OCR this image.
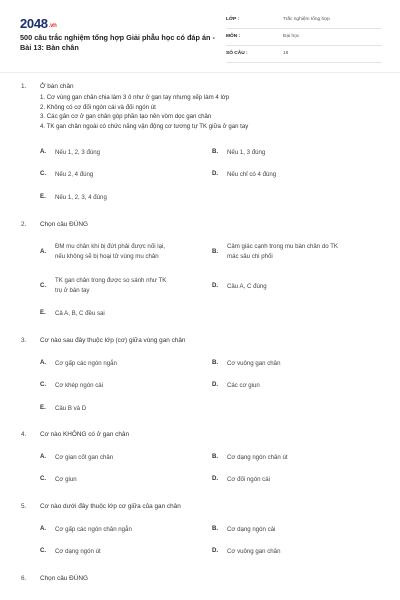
2048.vn
500 câu trắc nghiệm tổng hợp Giải phẫu học có đáp án -
Bài 13: Bàn chân
LỚP :	Trắc nghiệm tổng hợp
MÔN :	Đại học
SỐ CÂU :	18
1. Ở bàn chân
1. Cơ vùng gan chân chia làm 3 ô như ở gan tay nhưng xếp làm 4 lớp
2. Không có cơ đối ngón cái và đối ngón út
3. Các gân cơ ở gan chân góp phần tạo nên vòm dọc gan chân
4. TK gan chân ngoài có chức năng vận động cơ tương tự TK giữa ở gan tay
A. Nếu 1, 2, 3 đúng	B. Nếu 1, 3 đúng
C. Nếu 2, 4 đúng	D. Nếu chỉ có 4 đúng
E. Nếu 1, 2, 3, 4 đúng
2. Chọn câu ĐÚNG
A.
ĐM mu chân khi bị đứt phải được nối lại,
nếu không sẽ bị hoại tử vùng mu chân
B.
Cảm giác cạnh trong mu bàn chân do TK
mác sâu chi phối
C.
TK gan chân trong được so sánh như TK
trụ ở bàn tay
D. Câu A, C đúng
E. Cả A, B, C đều sai
3. Cơ nào sau đây thuộc lớp (cơ) giữa vùng gan chân
A. Cơ gấp các ngón ngắn	B. Cơ vuông gan chân
C. Cơ khép ngón cái	D. Các cơ giun
E. Câu B và D
4. Cơ nào KHÔNG có ở gan chân
A. Cơ gian cốt gan chân	B. Cơ dạng ngón chân út
C. Cơ giun	D. Cơ đối ngón cái
5. Cơ nào dưới đây thuộc lớp cơ giữa của gan chân
A. Cơ gấp các ngón chân ngắn	B. Cơ dạng ngón cái
C. Cơ dạng ngón út	D. Cơ vuông gan chân
6. Chọn câu ĐÚNG
